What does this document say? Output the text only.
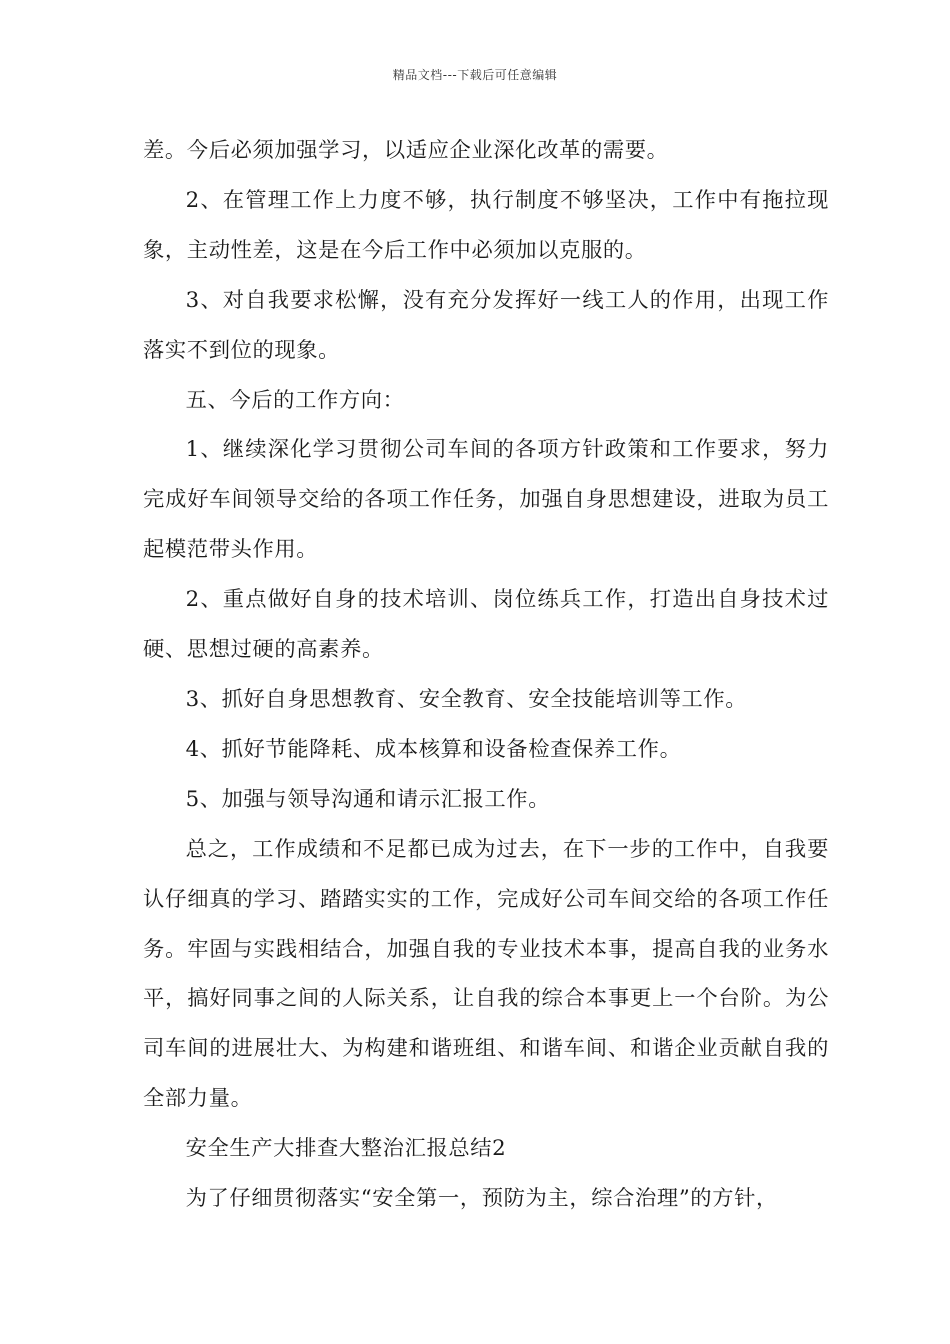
精品文档---下载后可任意编辑

差。今后必须加强学习，以适应企业深化改革的需要。

2、在管理工作上力度不够，执行制度不够坚决，工作中有拖拉现象，主动性差，这是在今后工作中必须加以克服的。

3、对自我要求松懈，没有充分发挥好一线工人的作用，出现工作落实不到位的现象。

五、今后的工作方向：

1、继续深化学习贯彻公司车间的各项方针政策和工作要求，努力完成好车间领导交给的各项工作任务，加强自身思想建设，进取为员工起模范带头作用。

2、重点做好自身的技术培训、岗位练兵工作，打造出自身技术过硬、思想过硬的高素养。

3、抓好自身思想教育、安全教育、安全技能培训等工作。

4、抓好节能降耗、成本核算和设备检查保养工作。

5、加强与领导沟通和请示汇报工作。

总之，工作成绩和不足都已成为过去，在下一步的工作中，自我要认仔细真的学习、踏踏实实的工作，完成好公司车间交给的各项工作任务。牢固与实践相结合，加强自我的专业技术本事，提高自我的业务水平，搞好同事之间的人际关系，让自我的综合本事更上一个台阶。为公司车间的进展壮大、为构建和谐班组、和谐车间、和谐企业贡献自我的全部力量。

安全生产大排查大整治汇报总结2

为了仔细贯彻落实“安全第一，预防为主，综合治理”的方针，
